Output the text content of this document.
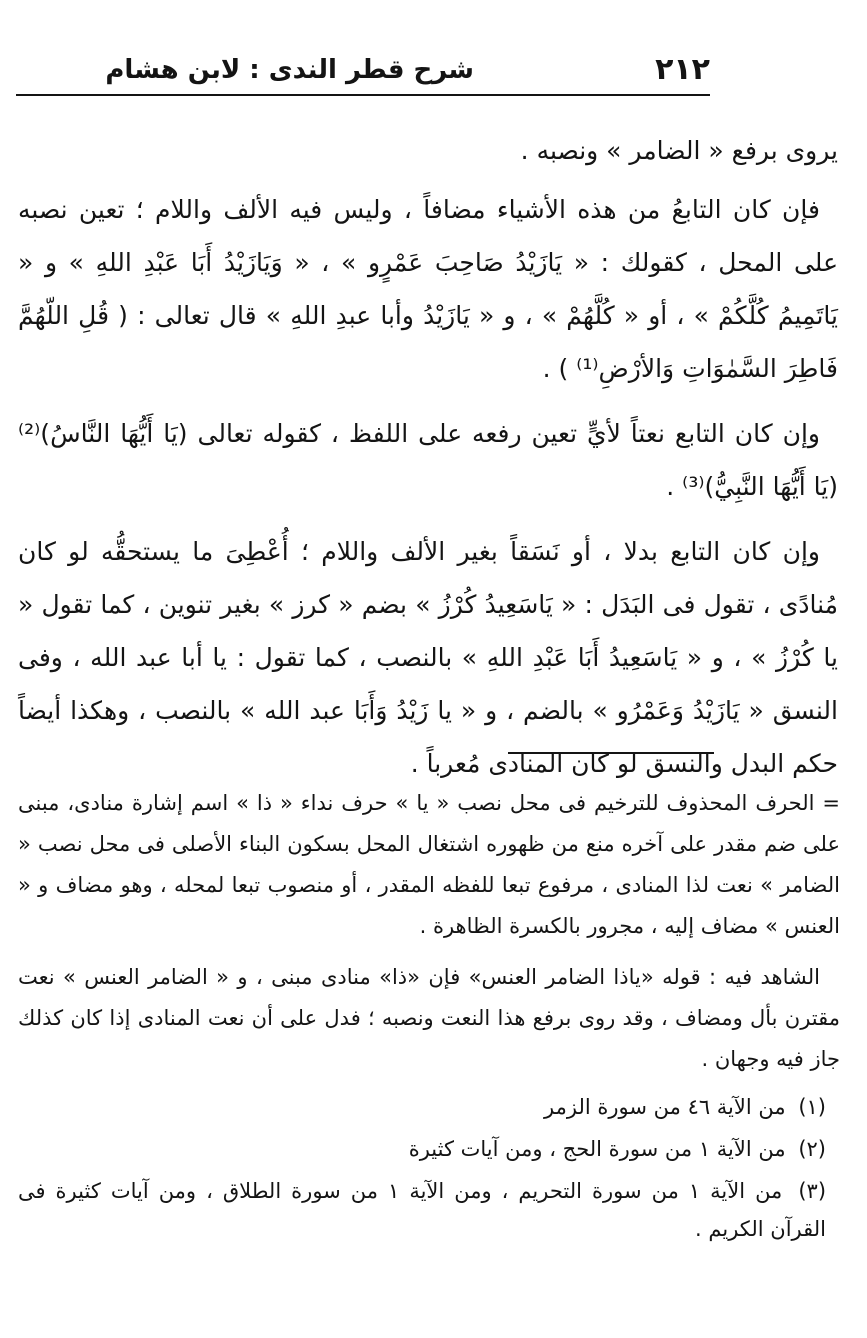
٢١٢
شرح قطر الندى : لابن هشام

يروى برفع « الضامر » ونصبه .

فإن كان التابعُ من هذه الأشياء مضافاً ، وليس فيه الألف واللام ؛ تعين نصبه على المحل ، كقولك : « يَازَيْدُ صَاحِبَ عَمْرٍو » ، « وَيَازَيْدُ أَبَا عَبْدِ اللهِ » و « يَاتَمِيمُ كُلَّكُمْ » ، أو « كُلَّهُمْ » ، و « يَازَيْدُ وأبا عبدِ اللهِ » قال تعالى : ( قُلِ اللّهُمَّ فَاطِرَ السَّمٰوَاتِ وَالأرْضِ⁽¹⁾ ) .

وإن كان التابع نعتاً لأيٍّ تعين رفعه على اللفظ ، كقوله تعالى (يَا أَيُّهَا النَّاسُ)⁽²⁾ (يَا أَيُّهَا النَّبِيُّ)⁽³⁾ .

وإن كان التابع بدلا ، أو نَسَقاً بغير الألف واللام ؛ أُعْطِىَ ما يستحقُّه لو كان مُنادًى ، تقول فى البَدَل : « يَاسَعِيدُ كُرْزُ » بضم « كرز » بغير تنوين ، كما تقول « يا كُرْزُ » ، و « يَاسَعِيدُ أَبَا عَبْدِ اللهِ » بالنصب ، كما تقول : يا أبا عبد الله ، وفى النسق « يَازَيْدُ وَعَمْرُو » بالضم ، و « يا زَيْدُ وَأَبَا عبد الله » بالنصب ، وهكذا أيضاً حكم البدل والنسق لو كان المنادى مُعرباً .

= الحرف المحذوف للترخيم فى محل نصب « يا » حرف نداء « ذا » اسم إشارة منادى، مبنى على ضم مقدر على آخره منع من ظهوره اشتغال المحل بسكون البناء الأصلى فى محل نصب « الضامر » نعت لذا المنادى ، مرفوع تبعا للفظه المقدر ، أو منصوب تبعا لمحله ، وهو مضاف و « العنس » مضاف إليه ، مجرور بالكسرة الظاهرة .

الشاهد فيه : قوله «ياذا الضامر العنس» فإن «ذا» منادى مبنى ، و « الضامر العنس » نعت مقترن بأل ومضاف ، وقد روى برفع هذا النعت ونصبه ؛ فدل على أن نعت المنادى إذا كان كذلك جاز فيه وجهان .

(١) من الآية ٤٦ من سورة الزمر

(٢) من الآية ١ من سورة الحج ، ومن آيات كثيرة

(٣) من الآية ١ من سورة التحريم ، ومن الآية ١ من سورة الطلاق ، ومن آيات كثيرة فى القرآن الكريم .
